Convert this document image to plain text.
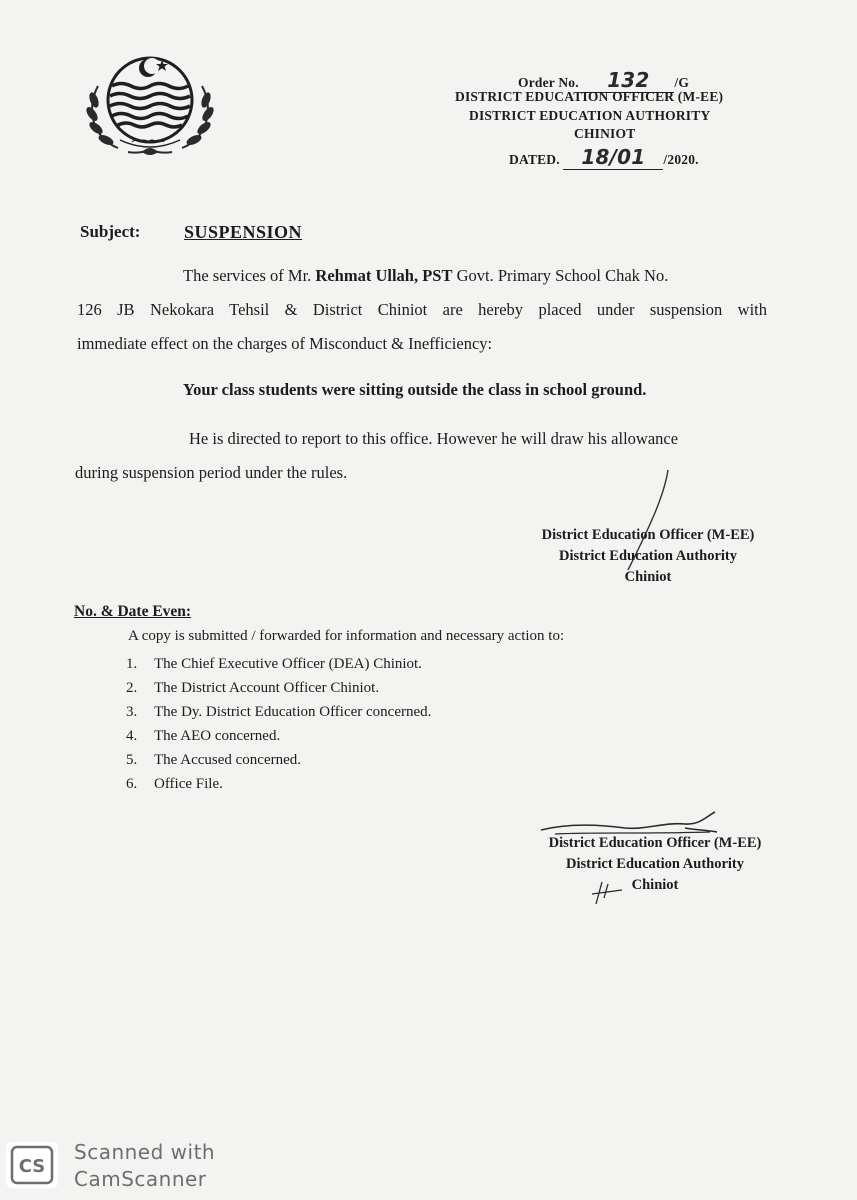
Order No. 132 /G
DISTRICT EDUCATION OFFICER (M-EE)
DISTRICT EDUCATION AUTHORITY
CHINIOT
DATED. 18/01 /2020.
Subject: SUSPENSION
The services of Mr. Rehmat Ullah, PST Govt. Primary School Chak No.
126 JB Nekokara Tehsil & District Chiniot are hereby placed under suspension with
immediate effect on the charges of Misconduct & Inefficiency:
Your class students were sitting outside the class in school ground.
He is directed to report to this office. However he will draw his allowance
during suspension period under the rules.
District Education Officer (M-EE)
District Education Authority
Chiniot
No. & Date Even:
A copy is submitted / forwarded for information and necessary action to:
1. The Chief Executive Officer (DEA) Chiniot.
2. The District Account Officer Chiniot.
3. The Dy. District Education Officer concerned.
4. The AEO concerned.
5. The Accused concerned.
6. Office File.
District Education Officer (M-EE)
District Education Authority
Chiniot
CS
Scanned with
CamScanner
